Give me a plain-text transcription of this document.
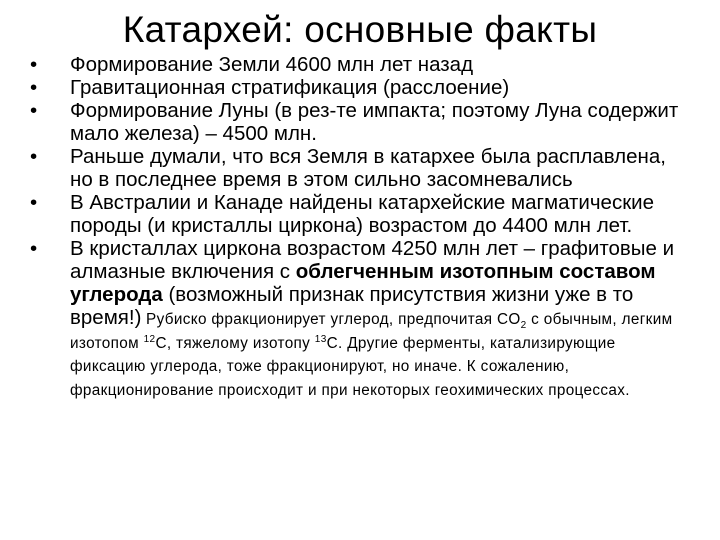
Катархей: основные факты
• Формирование Земли 4600 млн лет назад
• Гравитационная стратификация (расслоение)
• Формирование Луны (в рез-те импакта; поэтому Луна содержит мало железа) – 4500 млн.
• Раньше думали, что вся Земля в катархее была расплавлена, но в последнее время в этом сильно засомневались
• В Австралии и Канаде найдены катархейские магматические породы (и кристаллы циркона) возрастом до 4400 млн лет.
• В кристаллах циркона возрастом 4250 млн лет – графитовые и алмазные включения с облегченным изотопным составом углерода (возможный признак присутствия жизни уже в то время!) Рубиско фракционирует углерод, предпочитая $CO_2$ с обычным, легким изотопом $^{12}$C, тяжелому изотопу $^{13}$C. Другие ферменты, катализирующие фиксацию углерода, тоже фракционируют, но иначе. К сожалению, фракционирование происходит и при некоторых геохимических процессах.
